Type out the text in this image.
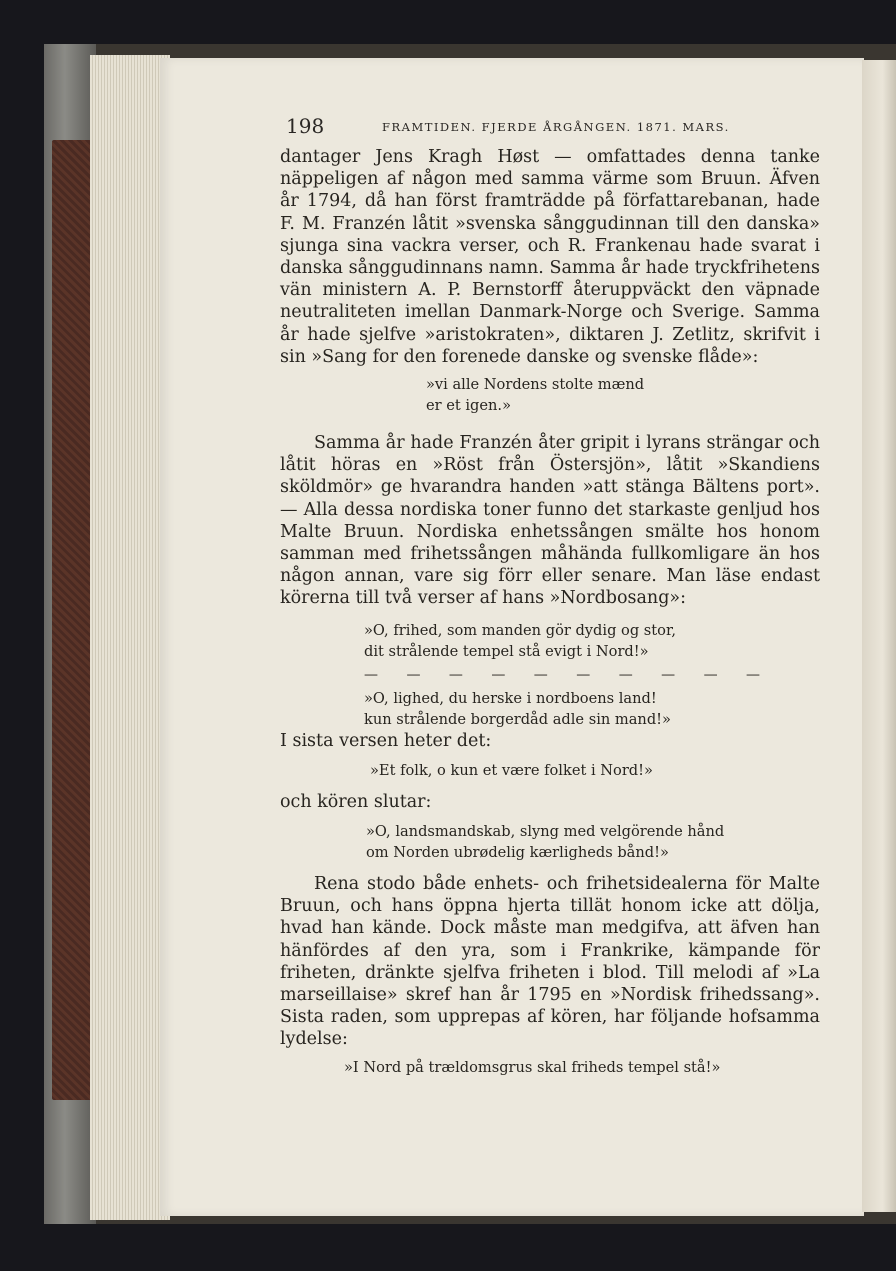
198	FRAMTIDEN. FJERDE ÅRGÅNGEN. 1871. MARS.

dantager Jens Kragh Høst — omfattades denna tanke näppeligen af någon med samma värme som Bruun. Äfven år 1794, då han först framträdde på författarebanan, hade F. M. Franzén låtit »svenska sånggudinnan till den danska» sjunga sina vackra verser, och R. Frankenau hade svarat i danska sånggudinnans namn. Samma år hade tryckfrihetens vän ministern A. P. Bernstorff återuppväckt den väpnade neutraliteten imellan Danmark-Norge och Sverige. Samma år hade sjelfve »aristokraten», diktaren J. Zetlitz, skrifvit i sin »Sang for den forenede danske og svenske flåde»:

»vi alle Nordens stolte mænd

er et igen.»

Samma år hade Franzén åter gripit i lyrans strängar och låtit höras en »Röst från Östersjön», låtit »Skandiens sköldmör» ge hvarandra handen »att stänga Bältens port». — Alla dessa nordiska toner funno det starkaste genljud hos Malte Bruun. Nordiska enhetssången smälte hos honom samman med frihetssången måhända fullkomligare än hos någon annan, vare sig förr eller senare. Man läse endast körerna till två verser af hans »Nordbosang»:

»O, frihed, som manden gör dydig og stor,

dit strålende tempel stå evigt i Nord!»

— — — — — — — — — —

»O, lighed, du herske i nordboens land!

kun strålende borgerdåd adle sin mand!»

I sista versen heter det:

»Et folk, o kun et være folket i Nord!»

och kören slutar:

»O, landsmandskab, slyng med velgörende hånd

om Norden ubrødelig kærligheds bånd!»

Rena stodo både enhets- och frihetsidealerna för Malte Bruun, och hans öppna hjerta tillät honom icke att dölja, hvad han kände. Dock måste man medgifva, att äfven han hänfördes af den yra, som i Frankrike, kämpande för friheten, dränkte sjelfva friheten i blod. Till melodi af »La marseillaise» skref han år 1795 en »Nordisk frihedssang». Sista raden, som upprepas af kören, har följande hofsamma lydelse:

»I Nord på trældomsgrus skal friheds tempel stå!»
